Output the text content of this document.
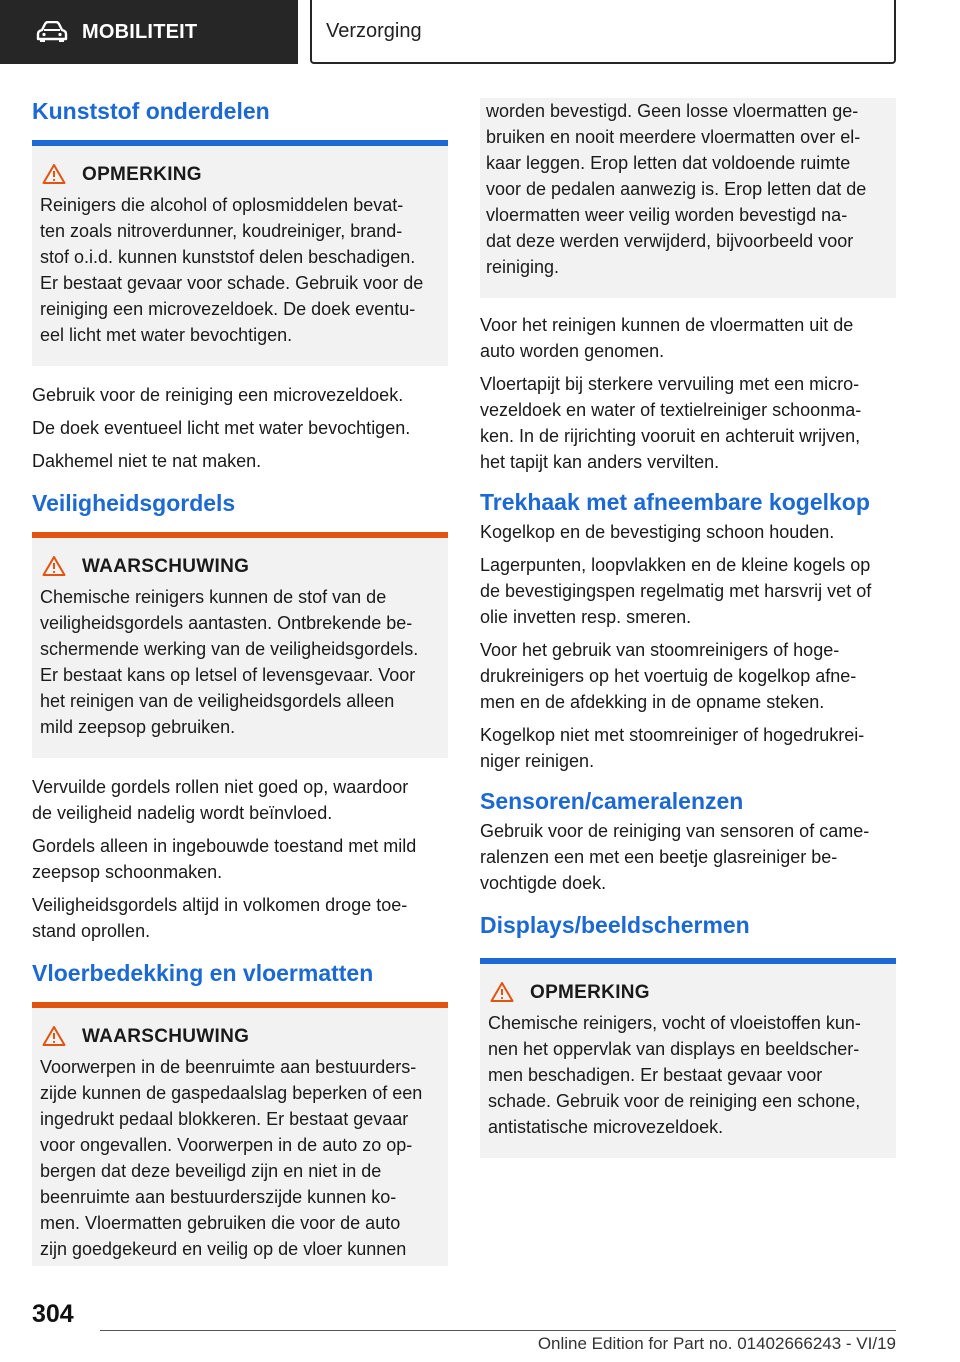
MOBILITEIT	Verzorging
Kunststof onderdelen
OPMERKING
Reinigers die alcohol of oplosmiddelen bevat-
ten zoals nitroverdunner, koudreiniger, brand-
stof o.i.d. kunnen kunststof delen beschadigen.
Er bestaat gevaar voor schade. Gebruik voor de
reiniging een microvezeldoek. De doek eventu-
eel licht met water bevochtigen.

Gebruik voor de reiniging een microvezeldoek.

De doek eventueel licht met water bevochtigen.

Dakhemel niet te nat maken.

Veiligheidsgordels
WAARSCHUWING
Chemische reinigers kunnen de stof van de
veiligheidsgordels aantasten. Ontbrekende be-
schermende werking van de veiligheidsgordels.
Er bestaat kans op letsel of levensgevaar. Voor
het reinigen van de veiligheidsgordels alleen
mild zeepsop gebruiken.

Vervuilde gordels rollen niet goed op, waardoor
de veiligheid nadelig wordt beïnvloed.

Gordels alleen in ingebouwde toestand met mild
zeepsop schoonmaken.

Veiligheidsgordels altijd in volkomen droge toe-
stand oprollen.

Vloerbedekking en vloermatten
WAARSCHUWING
Voorwerpen in de beenruimte aan bestuurders-
zijde kunnen de gaspedaalslag beperken of een
ingedrukt pedaal blokkeren. Er bestaat gevaar
voor ongevallen. Voorwerpen in de auto zo op-
bergen dat deze beveiligd zijn en niet in de
beenruimte aan bestuurderszijde kunnen ko-
men. Vloermatten gebruiken die voor de auto
zijn goedgekeurd en veilig op de vloer kunnen
worden bevestigd. Geen losse vloermatten ge-
bruiken en nooit meerdere vloermatten over el-
kaar leggen. Erop letten dat voldoende ruimte
voor de pedalen aanwezig is. Erop letten dat de
vloermatten weer veilig worden bevestigd na-
dat deze werden verwijderd, bijvoorbeeld voor
reiniging.

Voor het reinigen kunnen de vloermatten uit de
auto worden genomen.

Vloertapijt bij sterkere vervuiling met een micro-
vezeldoek en water of textielreiniger schoonma-
ken. In de rijrichting vooruit en achteruit wrijven,
het tapijt kan anders vervilten.

Trekhaak met afneembare kogelkop

Kogelkop en de bevestiging schoon houden.

Lagerpunten, loopvlakken en de kleine kogels op
de bevestigingspen regelmatig met harsvrij vet of
olie invetten resp. smeren.

Voor het gebruik van stoomreinigers of hoge-
drukreinigers op het voertuig de kogelkop afne-
men en de afdekking in de opname steken.

Kogelkop niet met stoomreiniger of hogedrukrei-
niger reinigen.

Sensoren/cameralenzen

Gebruik voor de reiniging van sensoren of came-
ralenzen een met een beetje glasreiniger be-
vochtigde doek.

Displays/beeldschermen
OPMERKING
Chemische reinigers, vocht of vloeistoffen kun-
nen het oppervlak van displays en beeldscher-
men beschadigen. Er bestaat gevaar voor
schade. Gebruik voor de reiniging een schone,
antistatische microvezeldoek.
304
Online Edition for Part no. 01402666243 - VI/19
